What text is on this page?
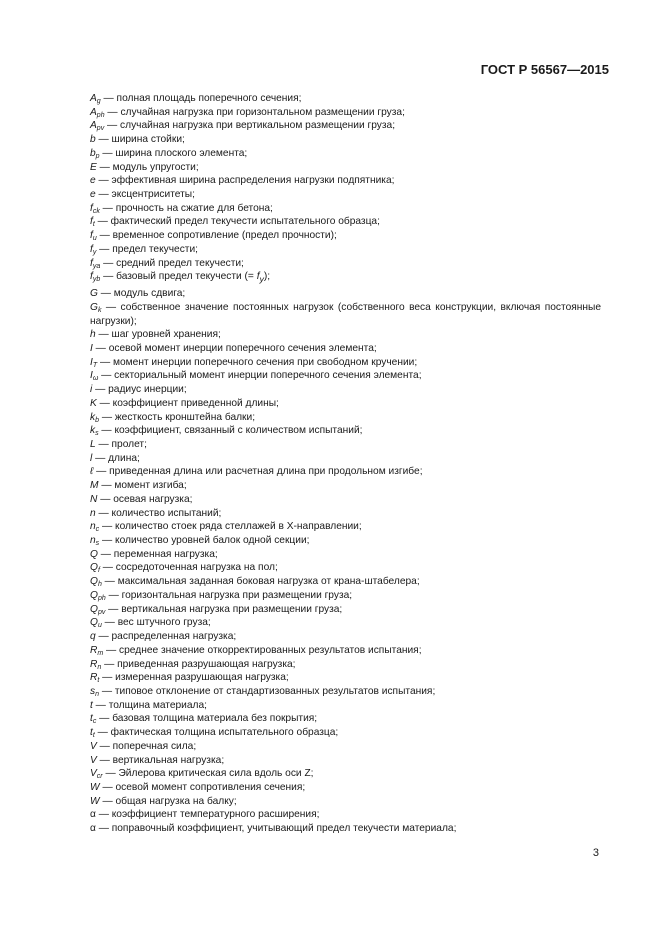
ГОСТ Р 56567—2015
$A_g$ — полная площадь поперечного сечения;
$A_{ph}$ — случайная нагрузка при горизонтальном размещении груза;
$A_{pv}$ — случайная нагрузка при вертикальном размещении груза;
b — ширина стойки;
$b_p$ — ширина плоского элемента;
E — модуль упругости;
e — эффективная ширина распределения нагрузки подпятника;
e — эксцентриситеты;
$f_{ck}$ — прочность на сжатие для бетона;
$f_t$ — фактический предел текучести испытательного образца;
$f_u$ — временное сопротивление (предел прочности);
$f_y$ — предел текучести;
$f_{ya}$ — средний предел текучести;
$f_{yb}$ — базовый предел текучести (= $f_y$);
G — модуль сдвига;
$G_k$ — собственное значение постоянных нагрузок (собственного веса конструкции, включая постоянные нагрузки);
h — шаг уровней хранения;
I — осевой момент инерции поперечного сечения элемента;
$I_T$ — момент инерции поперечного сечения при свободном кручении;
$I_\omega$ — секториальный момент инерции поперечного сечения элемента;
i — радиус инерции;
K — коэффициент приведенной длины;
$k_b$ — жесткость кронштейна балки;
$k_s$ — коэффициент, связанный с количеством испытаний;
L — пролет;
l — длина;
ℓ — приведенная длина или расчетная длина при продольном изгибе;
M — момент изгиба;
N — осевая нагрузка;
n — количество испытаний;
$n_c$ — количество стоек ряда стеллажей в X-направлении;
$n_s$ — количество уровней балок одной секции;
Q — переменная нагрузка;
$Q_f$ — сосредоточенная нагрузка на пол;
$Q_h$ — максимальная заданная боковая нагрузка от крана-штабелера;
$Q_{ph}$ — горизонтальная нагрузка при размещении груза;
$Q_{pv}$ — вертикальная нагрузка при размещении груза;
$Q_u$ — вес штучного груза;
q — распределенная нагрузка;
$R_m$ — среднее значение откорректированных результатов испытания;
$R_n$ — приведенная разрушающая нагрузка;
$R_t$ — измеренная разрушающая нагрузка;
$s_n$ — типовое отклонение от стандартизованных результатов испытания;
t — толщина материала;
$t_c$ — базовая толщина материала без покрытия;
$t_t$ — фактическая толщина испытательного образца;
V — поперечная сила;
V — вертикальная нагрузка;
$V_{cr}$ — Эйлерова критическая сила вдоль оси Z;
W — осевой момент сопротивления сечения;
W — общая нагрузка на балку;
α — коэффициент температурного расширения;
α — поправочный коэффициент, учитывающий предел текучести материала;
3
